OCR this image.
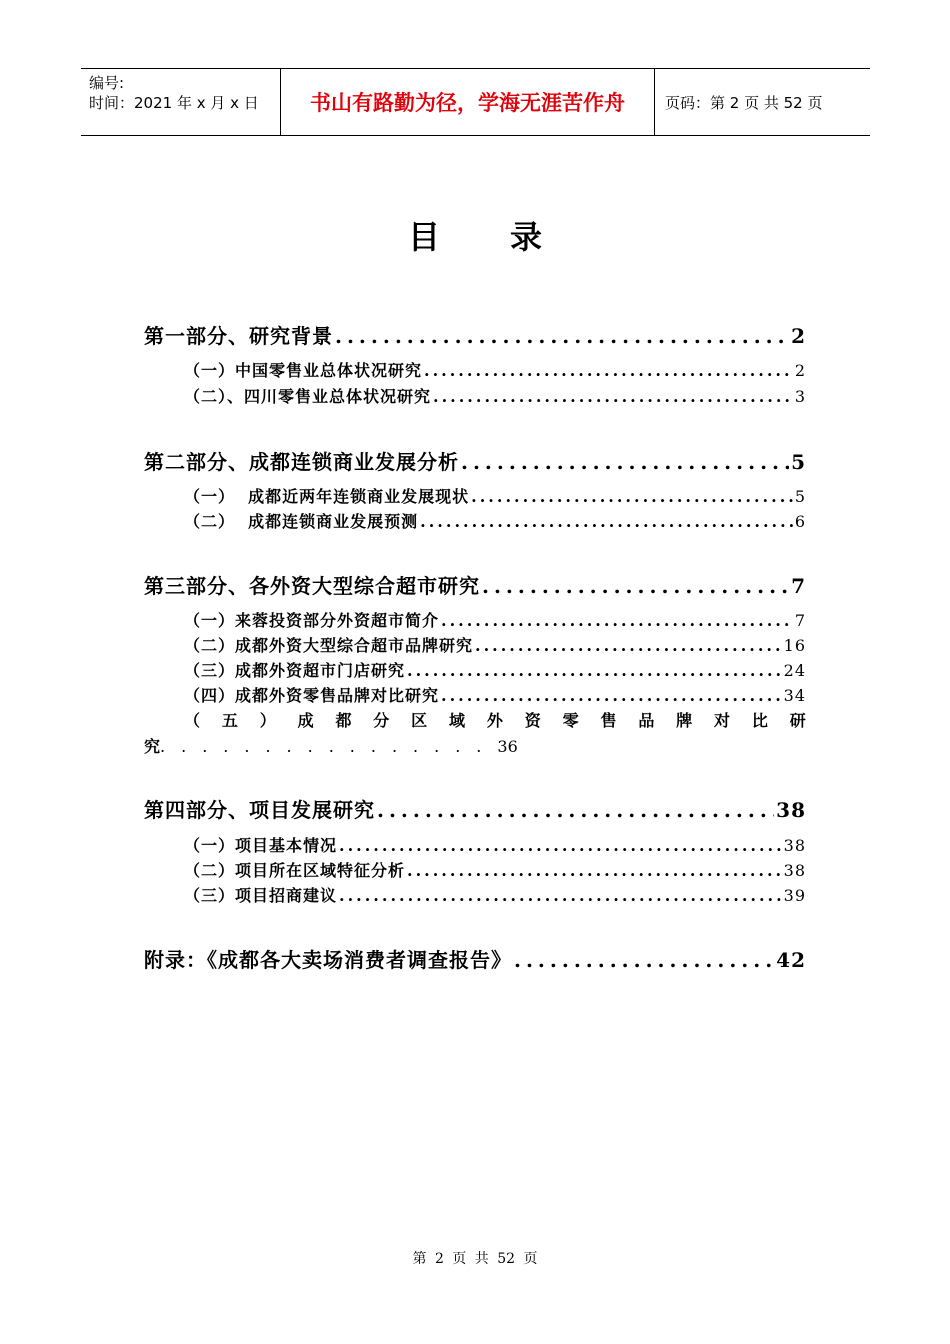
编号:
时间：2021 年 x 月 x 日	书山有路勤为径，学海无涯苦作舟	页码：第 2 页 共 52 页
目录
第一部分、研究背景 .....	2
（一）中国零售业总体状况研究 .....	2
（二）、四川零售业总体状况研究 .....	3
第二部分、成都连锁商业发展分析 .....	5
（一）  成都近两年连锁商业发展现状 .....	5
（二）  成都连锁商业发展预测 .....	6
第三部分、各外资大型综合超市研究 .....	7
（一）来蓉投资部分外资超市简介 .....	7
（二）成都外资大型综合超市品牌研究 .....	16
（三）成都外资超市门店研究 .....	24
（四）成都外资零售品牌对比研究 .....	34
（ 五 ） 成 都 分 区 域 外 资 零 售 品 牌 对 比 研
究................36
第四部分、项目发展研究 .....	38
（一）项目基本情况 .....	38
（二）项目所在区域特征分析 .....	38
（三）项目招商建议 .....	39
附录：《成都各大卖场消费者调查报告》 .....	42
第 2 页 共 52 页
